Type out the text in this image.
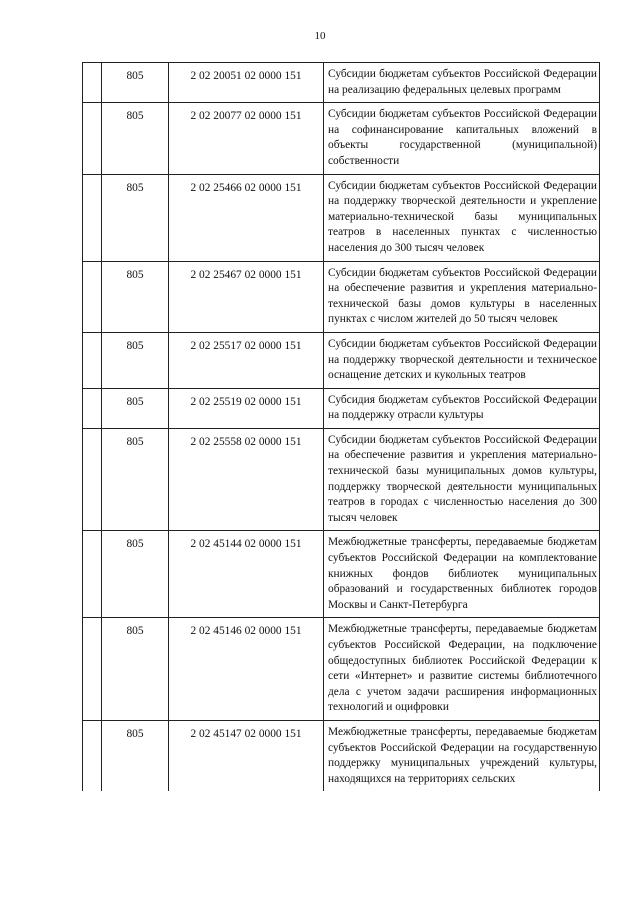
10
	805	2 02 20051 02 0000 151	Субсидии бюджетам субъектов Российской Федерации на реализацию федеральных целевых программ
	805	2 02 20077 02 0000 151	Субсидии бюджетам субъектов Российской Федерации на софинансирование капитальных вложений в объекты государственной (муниципальной) собственности
	805	2 02 25466 02 0000 151	Субсидии бюджетам субъектов Российской Федерации на поддержку творческой деятельности и укрепление материально-технической базы муниципальных театров в населенных пунктах с численностью населения до 300 тысяч человек
	805	2 02 25467 02 0000 151	Субсидии бюджетам субъектов Российской Федерации на обеспечение развития и укрепления материально-технической базы домов культуры в населенных пунктах с числом жителей до 50 тысяч человек
	805	2 02 25517 02 0000 151	Субсидии бюджетам субъектов Российской Федерации на поддержку творческой деятельности и техническое оснащение детских и кукольных театров
	805	2 02 25519 02 0000 151	Субсидия бюджетам субъектов Российской Федерации на поддержку отрасли культуры
	805	2 02 25558 02 0000 151	Субсидии бюджетам субъектов Российской Федерации на обеспечение развития и укрепления материально-технической базы муниципальных домов культуры, поддержку творческой деятельности муниципальных театров в городах с численностью населения до 300 тысяч человек
	805	2 02 45144 02 0000 151	Межбюджетные трансферты, передаваемые бюджетам субъектов Российской Федерации на комплектование книжных фондов библиотек муниципальных образований и государственных библиотек городов Москвы и Санкт-Петербурга
	805	2 02 45146 02 0000 151	Межбюджетные трансферты, передаваемые бюджетам субъектов Российской Федерации, на подключение общедоступных библиотек Российской Федерации к сети «Интернет» и развитие системы библиотечного дела с учетом задачи расширения информационных технологий и оцифровки
	805	2 02 45147 02 0000 151	Межбюджетные трансферты, передаваемые бюджетам субъектов Российской Федерации на государственную поддержку муниципальных учреждений культуры, находящихся на территориях сельских
